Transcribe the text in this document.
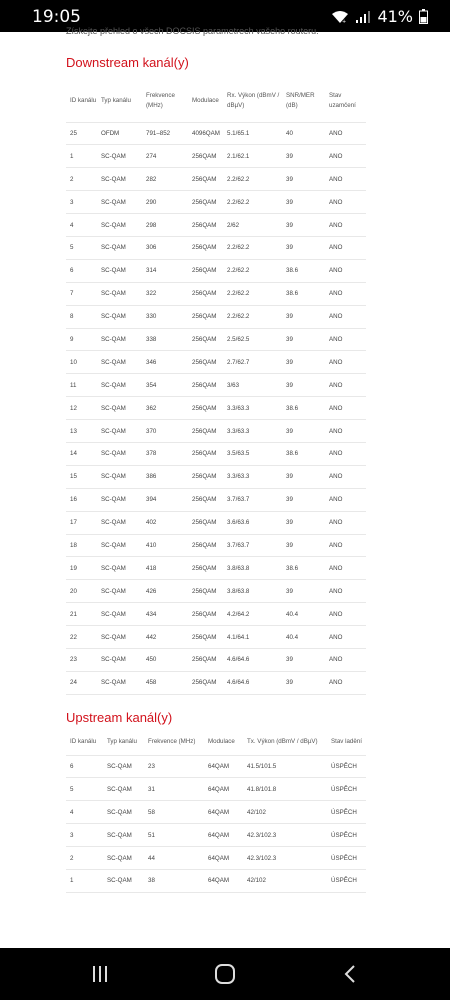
19:05	+ 41%
Získejte přehled o všech DOCSIS parametrech vašeho routeru.
Downstream kanál(y)
ID kanálu	Typ kanálu	Frekvence (MHz)	Modulace	Rx. Výkon (dBmV / dBµV)	SNR/MER (dB)	Stav uzamčení
25	OFDM	791–852	4096QAM	5.1/65.1	40	ANO
1	SC-QAM	274	256QAM	2.1/62.1	39	ANO
2	SC-QAM	282	256QAM	2.2/62.2	39	ANO
3	SC-QAM	290	256QAM	2.2/62.2	39	ANO
4	SC-QAM	298	256QAM	2/62	39	ANO
5	SC-QAM	306	256QAM	2.2/62.2	39	ANO
6	SC-QAM	314	256QAM	2.2/62.2	38.6	ANO
7	SC-QAM	322	256QAM	2.2/62.2	38.6	ANO
8	SC-QAM	330	256QAM	2.2/62.2	39	ANO
9	SC-QAM	338	256QAM	2.5/62.5	39	ANO
10	SC-QAM	346	256QAM	2.7/62.7	39	ANO
11	SC-QAM	354	256QAM	3/63	39	ANO
12	SC-QAM	362	256QAM	3.3/63.3	38.6	ANO
13	SC-QAM	370	256QAM	3.3/63.3	39	ANO
14	SC-QAM	378	256QAM	3.5/63.5	38.6	ANO
15	SC-QAM	386	256QAM	3.3/63.3	39	ANO
16	SC-QAM	394	256QAM	3.7/63.7	39	ANO
17	SC-QAM	402	256QAM	3.6/63.6	39	ANO
18	SC-QAM	410	256QAM	3.7/63.7	39	ANO
19	SC-QAM	418	256QAM	3.8/63.8	38.6	ANO
20	SC-QAM	426	256QAM	3.8/63.8	39	ANO
21	SC-QAM	434	256QAM	4.2/64.2	40.4	ANO
22	SC-QAM	442	256QAM	4.1/64.1	40.4	ANO
23	SC-QAM	450	256QAM	4.6/64.6	39	ANO
24	SC-QAM	458	256QAM	4.6/64.6	39	ANO
Upstream kanál(y)
ID kanálu	Typ kanálu	Frekvence (MHz)	Modulace	Tx. Výkon (dBmV / dBµV)	Stav ladění
6	SC-QAM	23	64QAM	41.5/101.5	ÚSPĚCH
5	SC-QAM	31	64QAM	41.8/101.8	ÚSPĚCH
4	SC-QAM	58	64QAM	42/102	ÚSPĚCH
3	SC-QAM	51	64QAM	42.3/102.3	ÚSPĚCH
2	SC-QAM	44	64QAM	42.3/102.3	ÚSPĚCH
1	SC-QAM	38	64QAM	42/102	ÚSPĚCH
